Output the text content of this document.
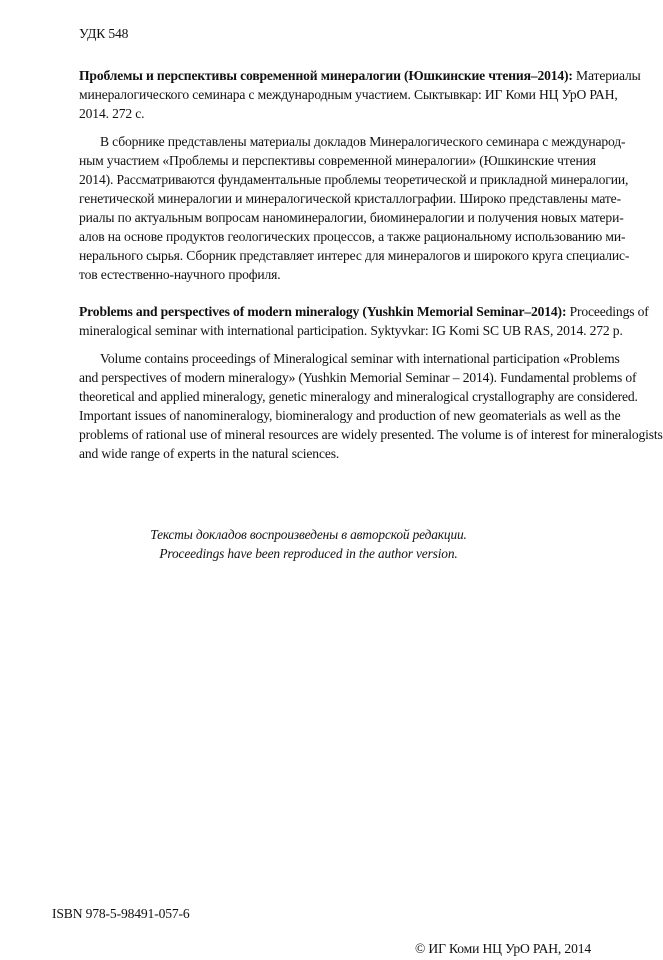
УДК 548
Проблемы и перспективы современной минералогии (Юшкинские чтения–2014): Материалы
минералогического семинара с международным участием. Сыктывкар: ИГ Коми НЦ УрО РАН,
2014. 272 с.
В сборнике представлены материалы докладов Минералогического семинара с международ-
ным участием «Проблемы и перспективы современной минералогии» (Юшкинские чтения
2014). Рассматриваются фундаментальные проблемы теоретической и прикладной минералогии,
генетической минералогии и минералогической кристаллографии. Широко представлены мате-
риалы по актуальным вопросам наноминералогии, биоминералогии и получения новых матери-
алов на основе продуктов геологических процессов, а также рациональному использованию ми-
нерального сырья. Сборник представляет интерес для минералогов и широкого круга специалис-
тов естественно-научного профиля.
Problems and perspectives of modern mineralogy (Yushkin Memorial Seminar–2014): Proceedings of
mineralogical seminar with international participation. Syktyvkar: IG Komi SC UB RAS, 2014. 272 p.
Volume contains proceedings of Mineralogical seminar with international participation «Problems
and perspectives of modern mineralogy» (Yushkin Memorial Seminar – 2014). Fundamental problems of
theoretical and applied mineralogy, genetic mineralogy and mineralogical crystallography are considered.
Important issues of nanomineralogy, biomineralogy and production of new geomaterials as well as the
problems of rational use of mineral resources are widely presented. The volume is of interest for mineralogists
and wide range of experts in the natural sciences.
Тексты докладов воспроизведены в авторской редакции.
Proceedings have been reproduced in the author version.
ISBN 978-5-98491-057-6
© ИГ Коми НЦ УрО РАН, 2014
